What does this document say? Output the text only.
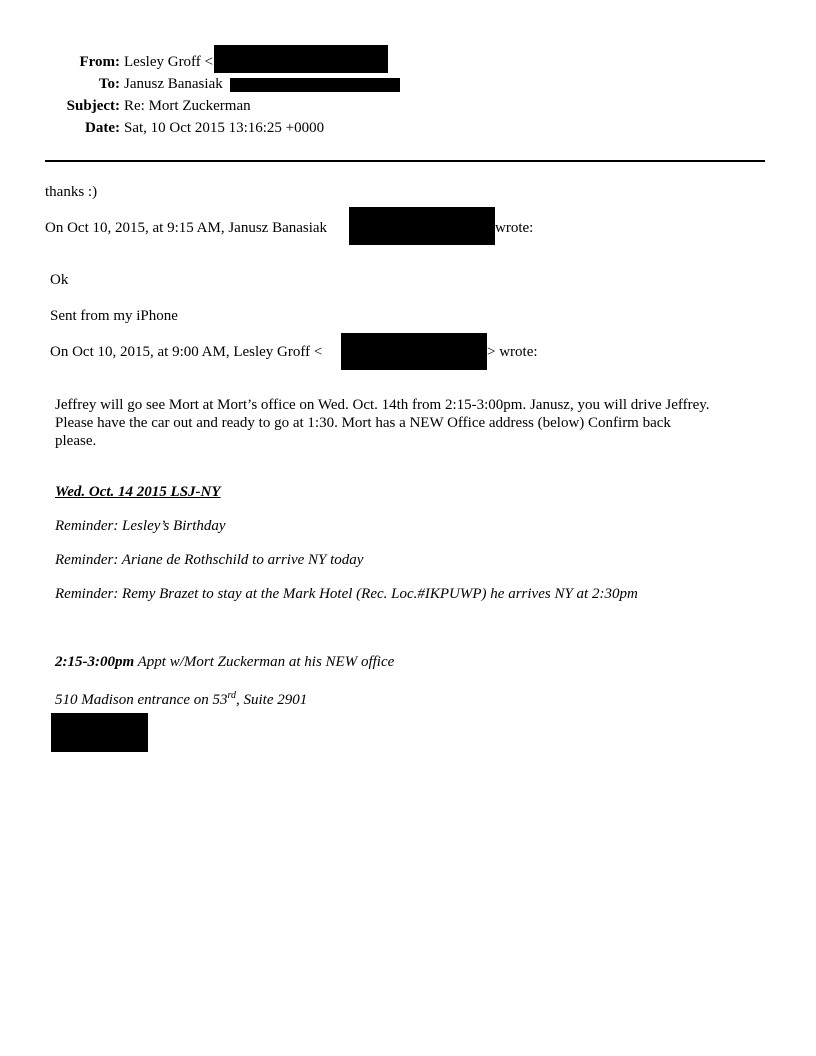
From: Lesley Groff <
To: Janusz Banasiak
Subject: Re: Mort Zuckerman
Date: Sat, 10 Oct 2015 13:16:25 +0000
thanks :)
On Oct 10, 2015, at 9:15 AM, Janusz Banasiak	wrote:
Ok
Sent from my iPhone
On Oct 10, 2015, at 9:00 AM, Lesley Groff <	> wrote:
Jeffrey will go see Mort at Mort’s office on Wed. Oct. 14th from 2:15-3:00pm. Janusz, you will drive Jeffrey.
Please have the car out and ready to go at 1:30. Mort has a NEW Office address (below) Confirm back
please.
Wed. Oct. 14 2015 LSJ-NY
Reminder: Lesley’s Birthday
Reminder: Ariane de Rothschild to arrive NY today
Reminder: Remy Brazet to stay at the Mark Hotel (Rec. Loc.#IKPUWP) he arrives NY at 2:30pm
2:15-3:00pm Appt w/Mort Zuckerman at his NEW office
510 Madison entrance on 53rd, Suite 2901
